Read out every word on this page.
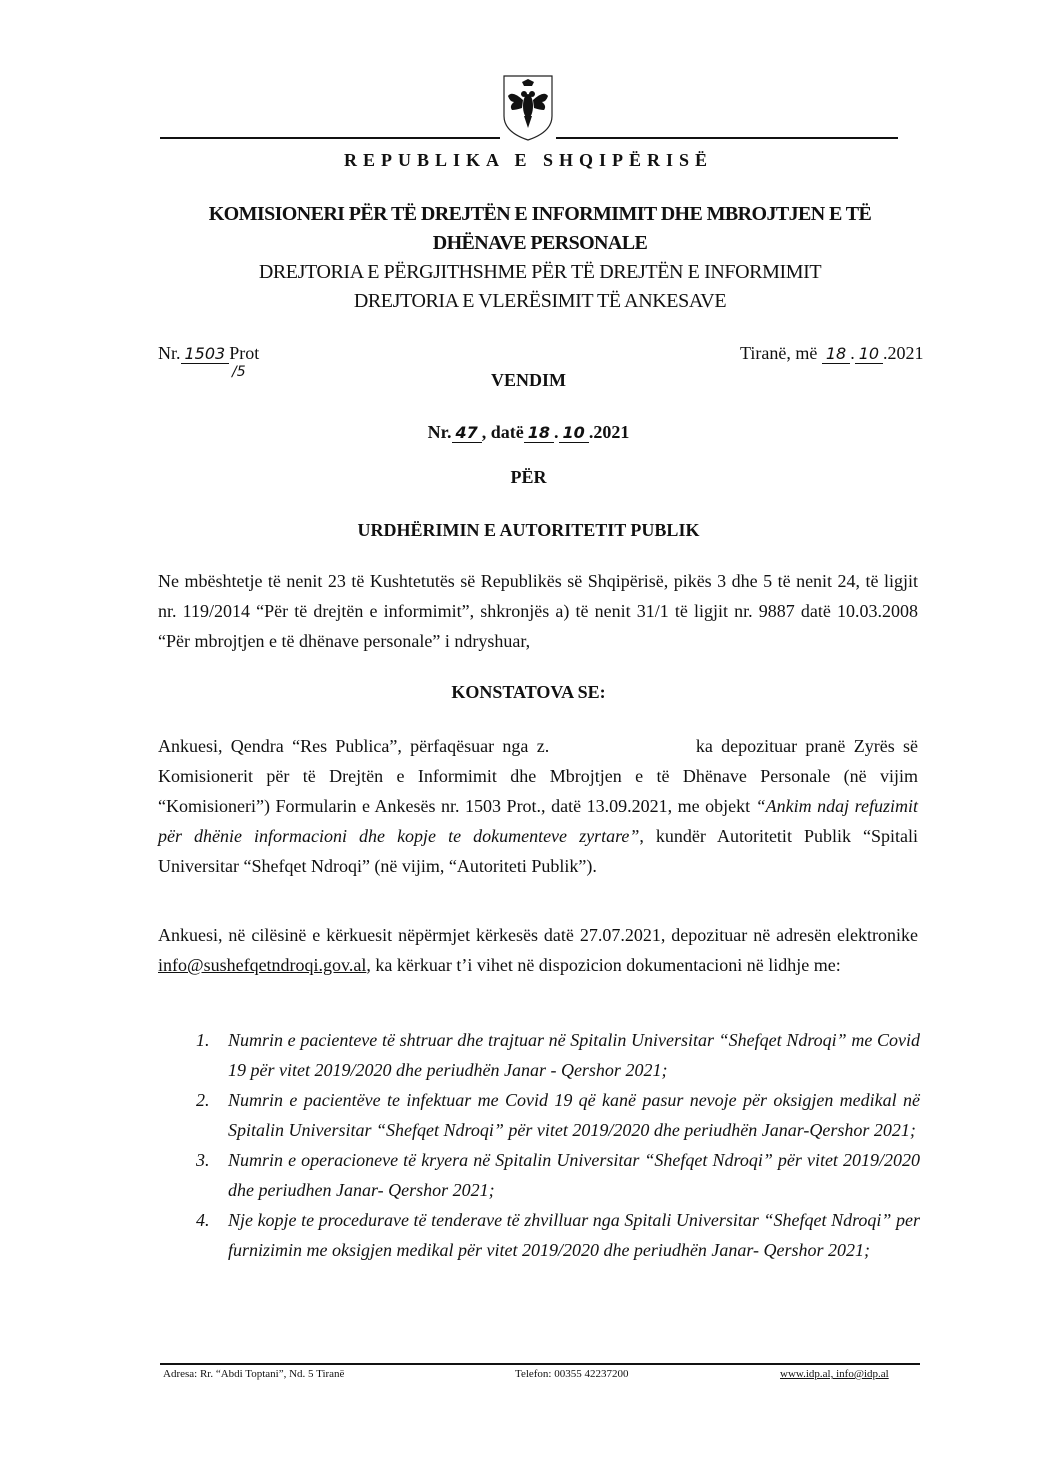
REPUBLIKA E SHQIPËRISË
KOMISIONERI PËR TË DREJTËN E INFORMIMIT DHE MBROJTJEN E TË
DHËNAVE PERSONALE
DREJTORIA E PËRGJITHSHME PËR TË DREJTËN E INFORMIMIT
DREJTORIA E VLERËSIMIT TË ANKESAVE
Nr. 1503 Prot
/5
Tiranë, më 18 . 10 .2021
VENDIM
Nr. 47 , datë 18 . 10 .2021
PËR
URDHËRIMIN E AUTORITETIT PUBLIK
Ne mbështetje të nenit 23 të Kushtetutës së Republikës së Shqipërisë, pikës 3 dhe 5 të nenit 24, të ligjit nr. 119/2014 “Për të drejtën e informimit”, shkronjës a) të nenit 31/1 të ligjit nr. 9887 datë 10.03.2008 “Për mbrojtjen e të dhënave personale” i ndryshuar,
KONSTATOVA SE:
Ankuesi, Qendra “Res Publica”, përfaqësuar nga z.	ka depozituar pranë Zyrës së Komisionerit për të Drejtën e Informimit dhe Mbrojtjen e të Dhënave Personale (në vijim “Komisioneri”) Formularin e Ankesës nr. 1503 Prot., datë 13.09.2021, me objekt “Ankim ndaj refuzimit për dhënie informacioni dhe kopje te dokumenteve zyrtare”, kundër Autoritetit Publik “Spitali Universitar “Shefqet Ndroqi” (në vijim, “Autoriteti Publik”).
Ankuesi, në cilësinë e kërkuesit nëpërmjet kërkesës datë 27.07.2021, depozituar në adresën elektronike info@sushefqetndroqi.gov.al, ka kërkuar t’i vihet në dispozicion dokumentacioni në lidhje me:
1. Numrin e pacienteve të shtruar dhe trajtuar në Spitalin Universitar “Shefqet Ndroqi” me Covid 19 për vitet 2019/2020 dhe periudhën Janar - Qershor 2021;
2. Numrin e pacientëve te infektuar me Covid 19 që kanë pasur nevoje për oksigjen medikal në Spitalin Universitar “Shefqet Ndroqi” për vitet 2019/2020 dhe periudhën Janar-Qershor 2021;
3. Numrin e operacioneve të kryera në Spitalin Universitar “Shefqet Ndroqi” për vitet 2019/2020 dhe periudhen Janar- Qershor 2021;
4. Nje kopje te procedurave të tenderave të zhvilluar nga Spitali Universitar “Shefqet Ndroqi” per furnizimin me oksigjen medikal për vitet 2019/2020 dhe periudhën Janar- Qershor 2021;
Adresa: Rr. “Abdi Toptani”, Nd. 5 Tiranë	Telefon: 00355 42237200	www.idp.al, info@idp.al
